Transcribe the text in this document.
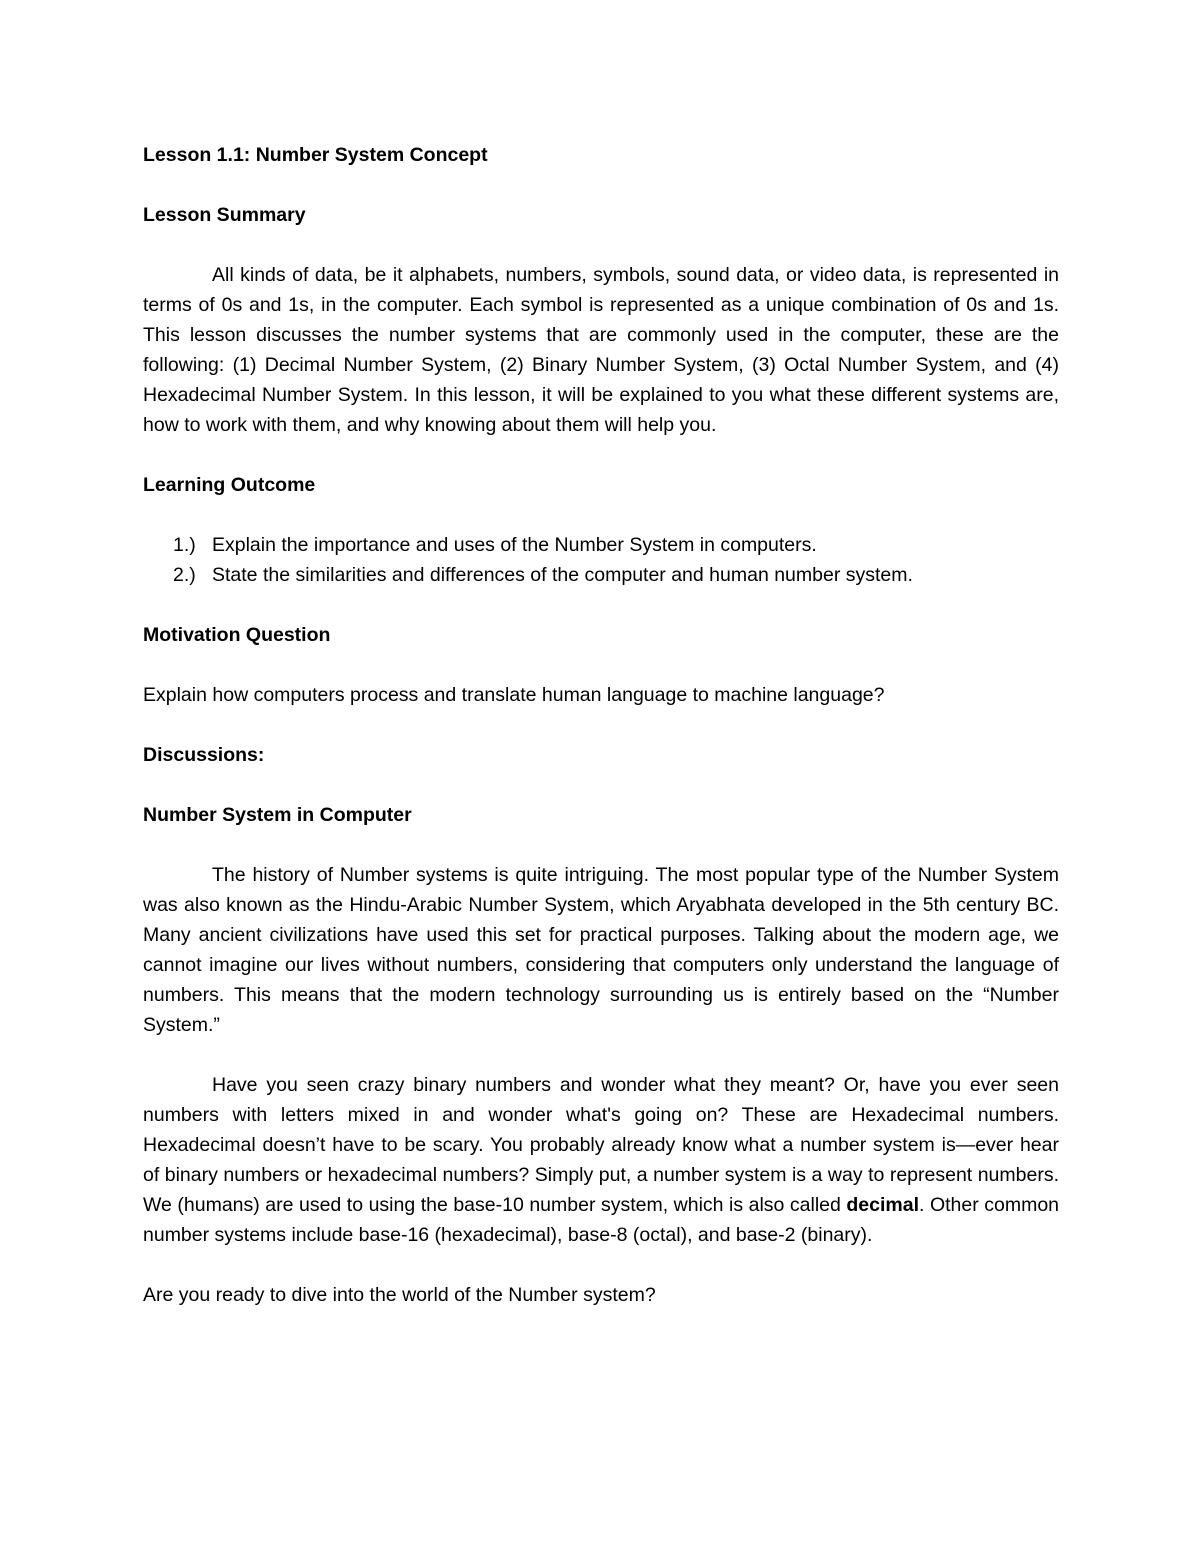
Lesson 1.1: Number System Concept

Lesson Summary

All kinds of data, be it alphabets, numbers, symbols, sound data, or video data, is represented in terms of 0s and 1s, in the computer. Each symbol is represented as a unique combination of 0s and 1s. This lesson discusses the number systems that are commonly used in the computer, these are the following: (1) Decimal Number System, (2) Binary Number System, (3) Octal Number System, and (4) Hexadecimal Number System. In this lesson, it will be explained to you what these different systems are, how to work with them, and why knowing about them will help you.

Learning Outcome

1.) Explain the importance and uses of the Number System in computers.
2.) State the similarities and differences of the computer and human number system.

Motivation Question

Explain how computers process and translate human language to machine language?

Discussions:

Number System in Computer

The history of Number systems is quite intriguing. The most popular type of the Number System was also known as the Hindu-Arabic Number System, which Aryabhata developed in the 5th century BC. Many ancient civilizations have used this set for practical purposes. Talking about the modern age, we cannot imagine our lives without numbers, considering that computers only understand the language of numbers. This means that the modern technology surrounding us is entirely based on the “Number System.”

Have you seen crazy binary numbers and wonder what they meant? Or, have you ever seen numbers with letters mixed in and wonder what's going on? These are Hexadecimal numbers. Hexadecimal doesn’t have to be scary. You probably already know what a number system is—ever hear of binary numbers or hexadecimal numbers? Simply put, a number system is a way to represent numbers. We (humans) are used to using the base-10 number system, which is also called decimal. Other common number systems include base-16 (hexadecimal), base-8 (octal), and base-2 (binary).

Are you ready to dive into the world of the Number system?
